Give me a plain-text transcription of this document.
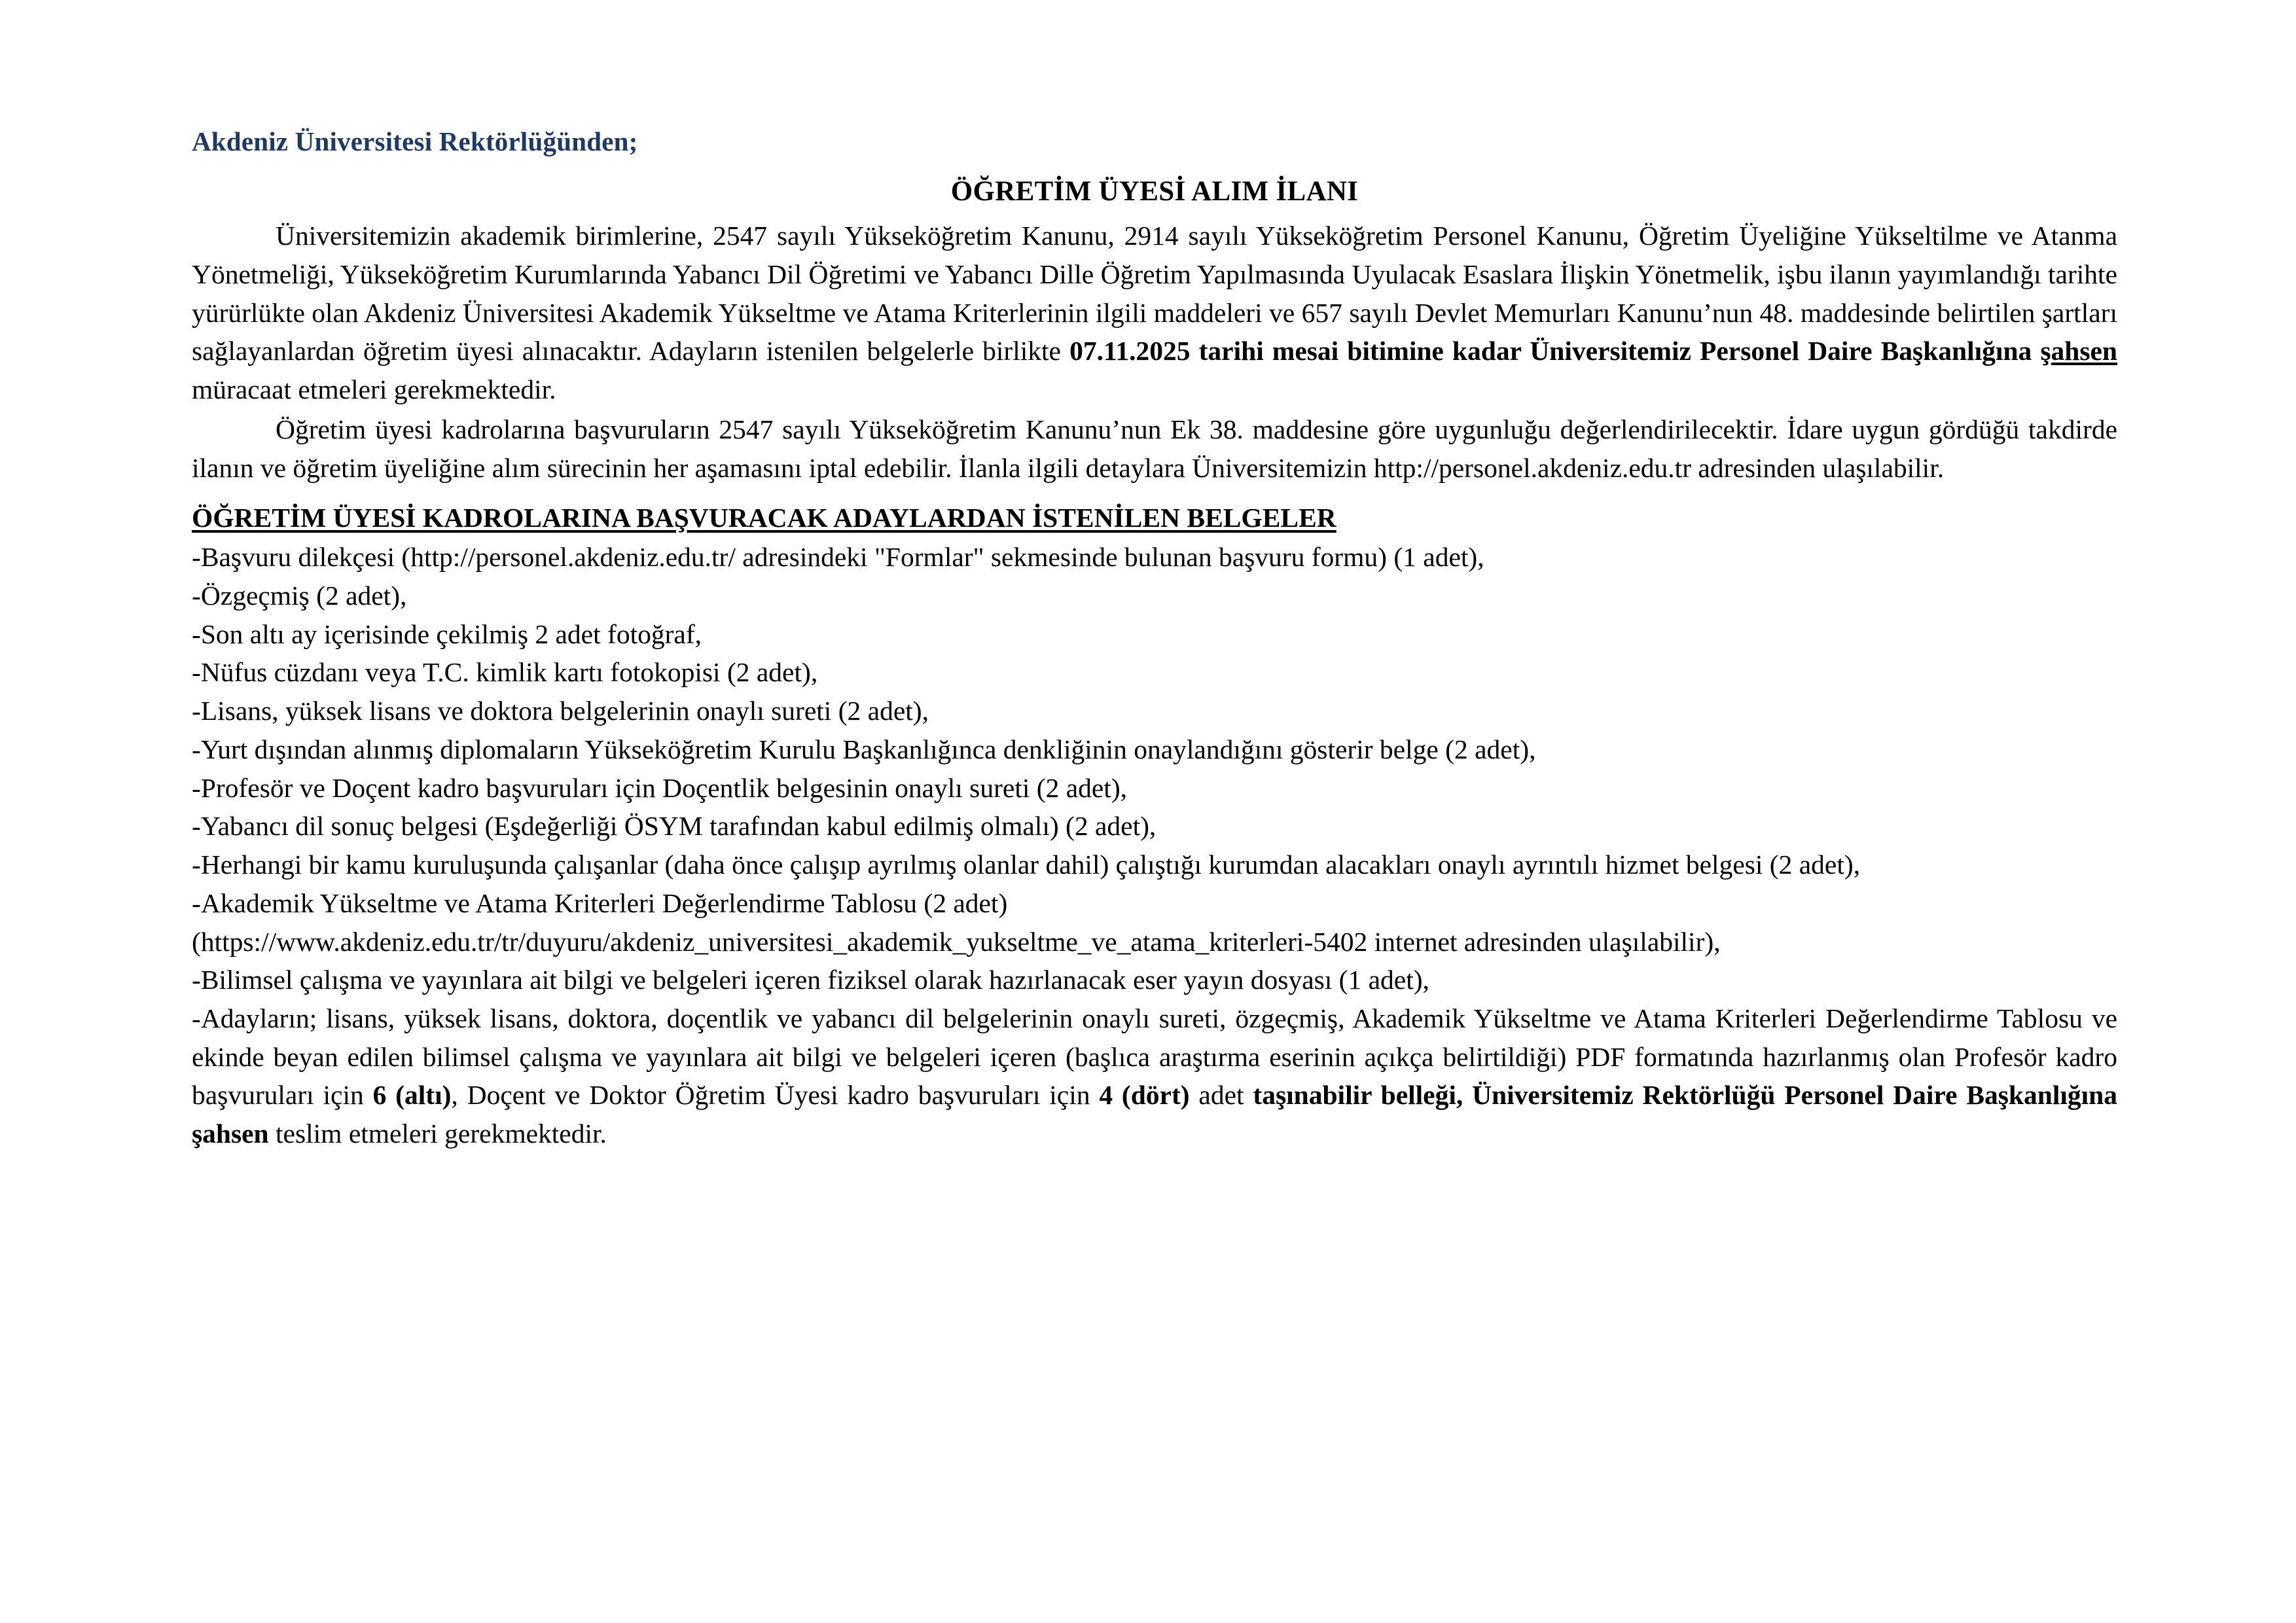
Akdeniz Üniversitesi Rektörlüğünden;
ÖĞRETİM ÜYESİ ALIM İLANI

Üniversitemizin akademik birimlerine, 2547 sayılı Yükseköğretim Kanunu, 2914 sayılı Yükseköğretim Personel Kanunu, Öğretim Üyeliğine Yükseltilme ve Atanma Yönetmeliği, Yükseköğretim Kurumlarında Yabancı Dil Öğretimi ve Yabancı Dille Öğretim Yapılmasında Uyulacak Esaslara İlişkin Yönetmelik, işbu ilanın yayımlandığı tarihte yürürlükte olan Akdeniz Üniversitesi Akademik Yükseltme ve Atama Kriterlerinin ilgili maddeleri ve 657 sayılı Devlet Memurları Kanunu’nun 48. maddesinde belirtilen şartları sağlayanlardan öğretim üyesi alınacaktır. Adayların istenilen belgelerle birlikte 07.11.2025 tarihi mesai bitimine kadar Üniversitemiz Personel Daire Başkanlığına şahsen müracaat etmeleri gerekmektedir.

Öğretim üyesi kadrolarına başvuruların 2547 sayılı Yükseköğretim Kanunu’nun Ek 38. maddesine göre uygunluğu değerlendirilecektir. İdare uygun gördüğü takdirde ilanın ve öğretim üyeliğine alım sürecinin her aşamasını iptal edebilir. İlanla ilgili detaylara Üniversitemizin http://personel.akdeniz.edu.tr adresinden ulaşılabilir.

ÖĞRETİM ÜYESİ KADROLARINA BAŞVURACAK ADAYLARDAN İSTENİLEN BELGELER
-Başvuru dilekçesi (http://personel.akdeniz.edu.tr/ adresindeki "Formlar" sekmesinde bulunan başvuru formu) (1 adet),
-Özgeçmiş (2 adet),
-Son altı ay içerisinde çekilmiş 2 adet fotoğraf,
-Nüfus cüzdanı veya T.C. kimlik kartı fotokopisi (2 adet),
-Lisans, yüksek lisans ve doktora belgelerinin onaylı sureti (2 adet),
-Yurt dışından alınmış diplomaların Yükseköğretim Kurulu Başkanlığınca denkliğinin onaylandığını gösterir belge (2 adet),
-Profesör ve Doçent kadro başvuruları için Doçentlik belgesinin onaylı sureti (2 adet),
-Yabancı dil sonuç belgesi (Eşdeğerliği ÖSYM tarafından kabul edilmiş olmalı) (2 adet),
-Herhangi bir kamu kuruluşunda çalışanlar (daha önce çalışıp ayrılmış olanlar dahil) çalıştığı kurumdan alacakları onaylı ayrıntılı hizmet belgesi (2 adet),
-Akademik Yükseltme ve Atama Kriterleri Değerlendirme Tablosu (2 adet)
(https://www.akdeniz.edu.tr/tr/duyuru/akdeniz_universitesi_akademik_yukseltme_ve_atama_kriterleri-5402 internet adresinden ulaşılabilir),
-Bilimsel çalışma ve yayınlara ait bilgi ve belgeleri içeren fiziksel olarak hazırlanacak eser yayın dosyası (1 adet),
-Adayların; lisans, yüksek lisans, doktora, doçentlik ve yabancı dil belgelerinin onaylı sureti, özgeçmiş, Akademik Yükseltme ve Atama Kriterleri Değerlendirme Tablosu ve ekinde beyan edilen bilimsel çalışma ve yayınlara ait bilgi ve belgeleri içeren (başlıca araştırma eserinin açıkça belirtildiği) PDF formatında hazırlanmış olan Profesör kadro başvuruları için 6 (altı), Doçent ve Doktor Öğretim Üyesi kadro başvuruları için 4 (dört) adet taşınabilir belleği, Üniversitemiz Rektörlüğü Personel Daire Başkanlığına şahsen teslim etmeleri gerekmektedir.
